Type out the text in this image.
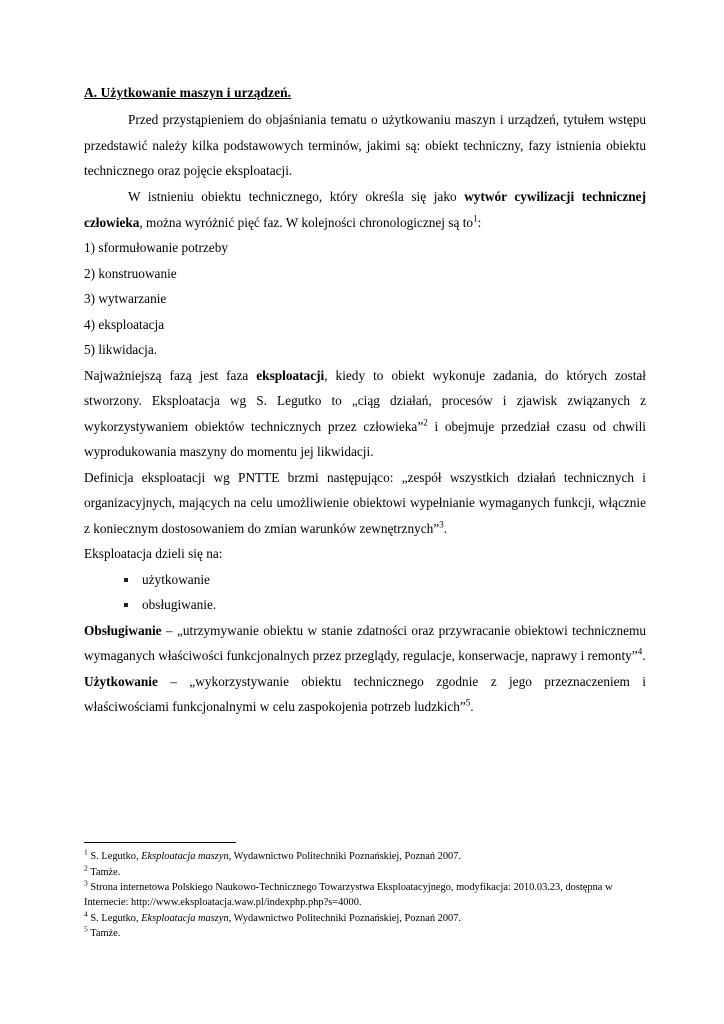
A. Użytkowanie maszyn i urządzeń.

Przed przystąpieniem do objaśniania tematu o użytkowaniu maszyn i urządzeń, tytułem wstępu przedstawić należy kilka podstawowych terminów, jakimi są: obiekt techniczny, fazy istnienia obiektu technicznego oraz pojęcie eksploatacji.

W istnieniu obiektu technicznego, który określa się jako wytwór cywilizacji technicznej człowieka, można wyróżnić pięć faz. W kolejności chronologicznej są $to^1$:

1) sformułowanie potrzeby

2) konstruowanie

3) wytwarzanie

4) eksploatacja

5) likwidacja.

Najważniejszą fazą jest faza eksploatacji, kiedy to obiekt wykonuje zadania, do których został stworzony. Eksploatacja wg S. Legutko to „ciąg działań, procesów i zjawisk związanych z wykorzystywaniem obiektów technicznych przez człowieka”$^2$ i obejmuje przedział czasu od chwili wyprodukowania maszyny do momentu jej likwidacji.

Definicja eksploatacji wg PNTTE brzmi następująco: „zespół wszystkich działań technicznych i organizacyjnych, mających na celu umożliwienie obiektowi wypełnianie wymaganych funkcji, włącznie z koniecznym dostosowaniem do zmian warunków zewnętrznych”$^3$.

Eksploatacja dzieli się na:

użytkowanie
obsługiwanie.

Obsługiwanie – „utrzymywanie obiektu w stanie zdatności oraz przywracanie obiektowi technicznemu wymaganych właściwości funkcjonalnych przez przeglądy, regulacje, konserwacje, naprawy i remonty”$^4$.

Użytkowanie – „wykorzystywanie obiektu technicznego zgodnie z jego przeznaczeniem i właściwościami funkcjonalnymi w celu zaspokojenia potrzeb ludzkich”$^5$.

$^1$ S. Legutko, Eksploatacja maszyn, Wydawnictwo Politechniki Poznańskiej, Poznań 2007.

$^2$ Tamże.

$^3$ Strona internetowa Polskiego Naukowo-Technicznego Towarzystwa Eksploatacyjnego, modyfikacja: 2010.03.23, dostępna w Internecie: http://www.eksploatacja.waw.pl/indexphp.php?s=4000.

$^4$ S. Legutko, Eksploatacja maszyn, Wydawnictwo Politechniki Poznańskiej, Poznań 2007.

$^5$ Tamże.
